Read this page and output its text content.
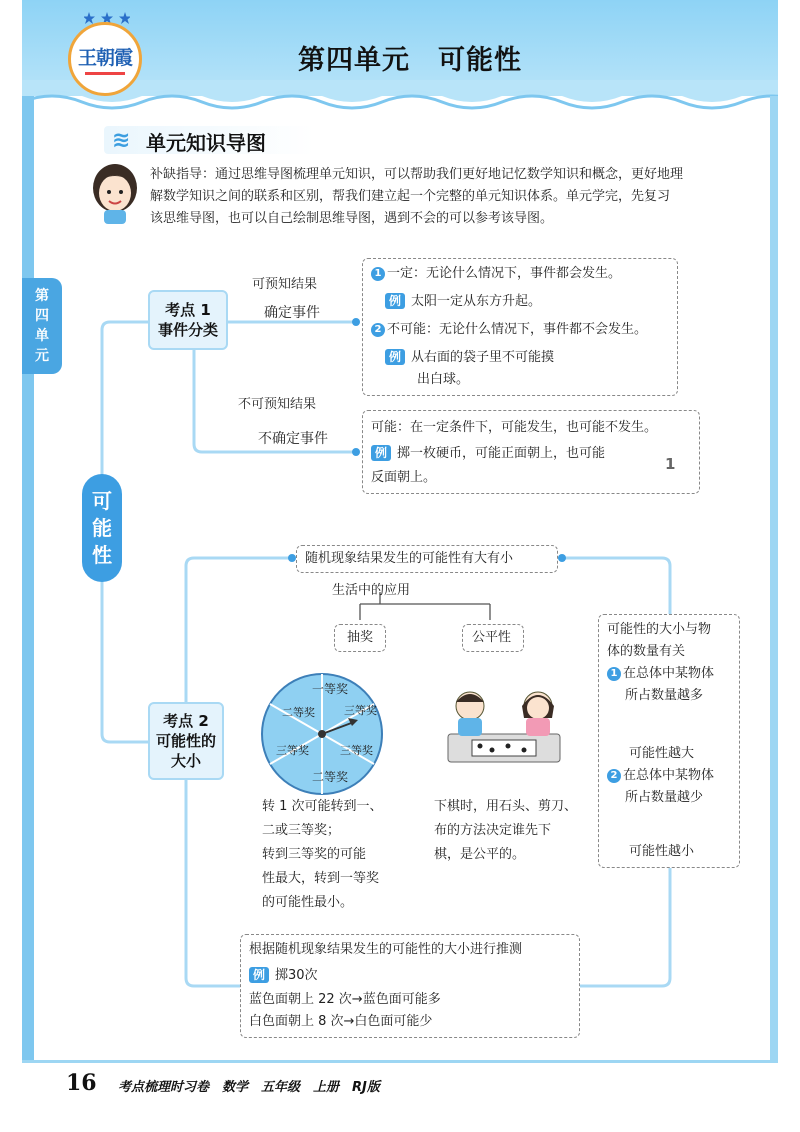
王朝霞	第四单元　可能性
第
四
单
元
≋ 单元知识导图
补缺指导：通过思维导图梳理单元知识，可以帮助我们更好地记忆数学知识和概念，更好地理
解数学知识之间的联系和区别，帮我们建立起一个完整的单元知识体系。单元学完，先复习
该思维导图，也可以自己绘制思维导图，遇到不会的可以参考该导图。
一等奖
二等奖
三等奖
二等奖
三等奖
三等奖
可
能
性
考点 1
事件分类
可预知结果
确定事件
不可预知结果
不确定事件
1 一定：无论什么情况下，事件都会发生。
例 太阳一定从东方升起。
2 不可能：无论什么情况下，事件都不会发生。
例 从右面的袋子里不可能摸
出白球。
可能：在一定条件下，可能发生，也可能不发生。
例 掷一枚硬币，可能正面朝上，也可能
反面朝上。
1
考点 2
可能性的
大小
随机现象结果发生的可能性有大有小
生活中的应用
抽奖	公平性
转 1 次可能转到一、
二或三等奖；
转到三等奖的可能
性最大，转到一等奖
的可能性最小。
下棋时，用石头、剪刀、
布的方法决定谁先下
棋，是公平的。
可能性的大小与物
体的数量有关
1 在总体中某物体
所占数量越多
可能性越大
2 在总体中某物体
所占数量越少
可能性越小
根据随机现象结果发生的可能性的大小进行推测
例 掷30次
蓝色面朝上 22 次→蓝色面可能多
白色面朝上 8 次→白色面可能少
16 考点梳理时习卷　数学　五年级　上册　RJ版
